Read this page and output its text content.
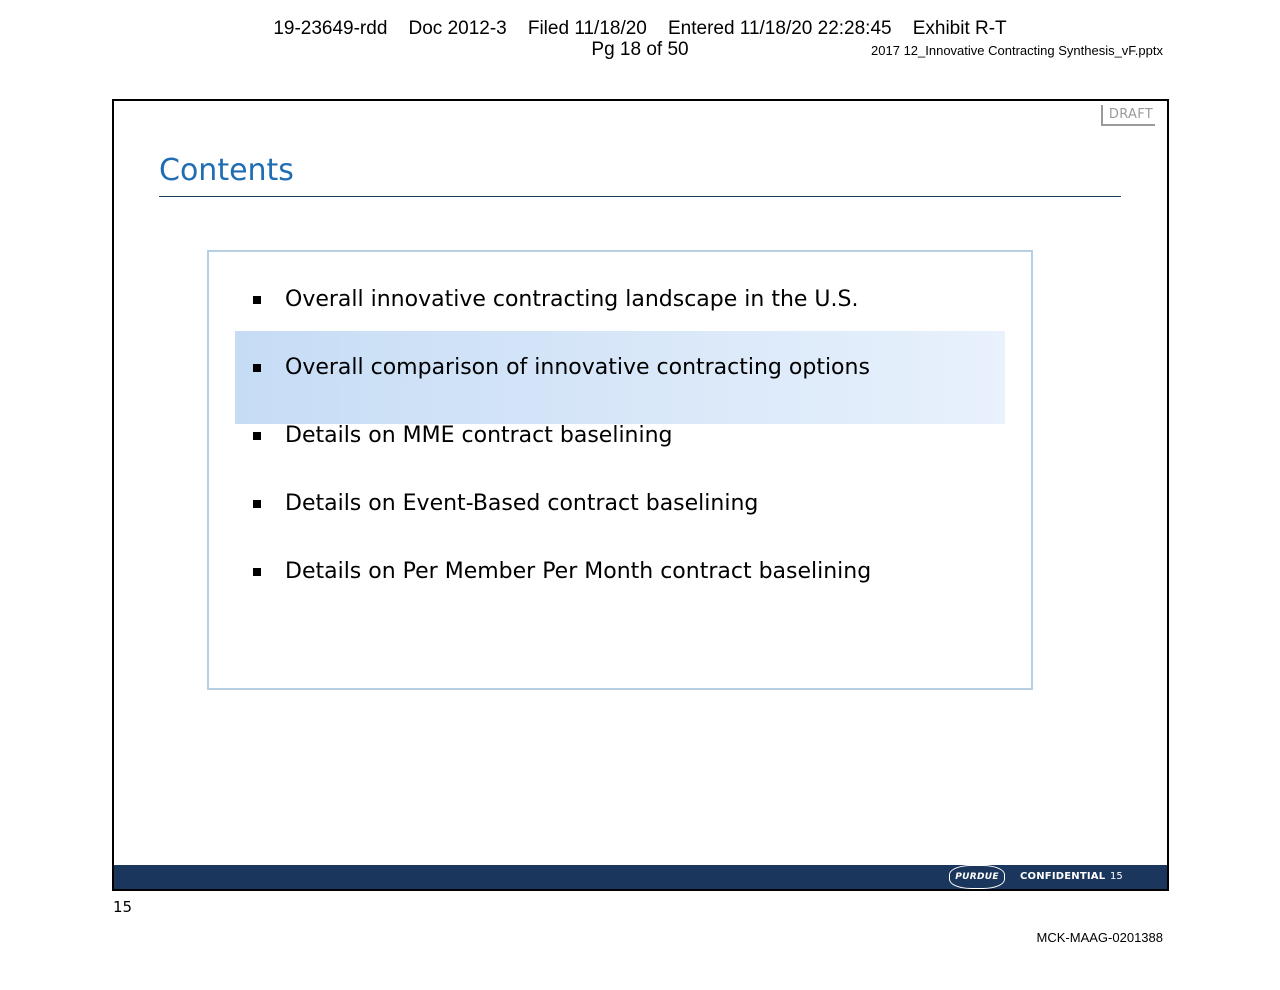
19-23649-rdd    Doc 2012-3    Filed 11/18/20    Entered 11/18/20 22:28:45    Exhibit R-T
Pg 18 of 50	2017 12_Innovative Contracting Synthesis_vF.pptx
DRAFT
Contents
Overall innovative contracting landscape in the U.S.
Overall comparison of innovative contracting options
Details on MME contract baselining
Details on Event-Based contract baselining
Details on Per Member Per Month contract baselining
PURDUE	CONFIDENTIAL 15
15
MCK-MAAG-0201388
